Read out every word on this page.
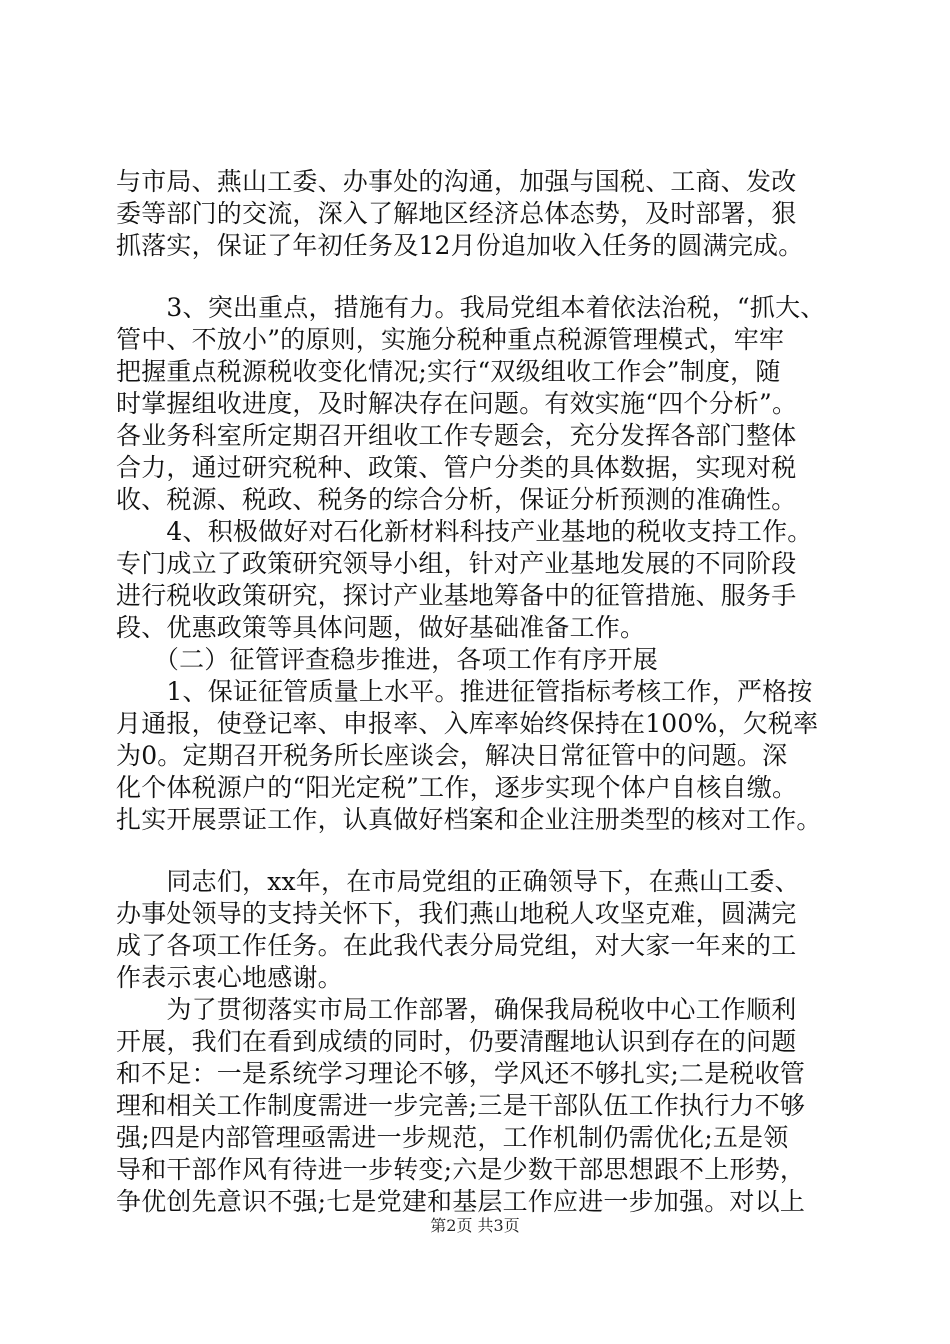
与市局、燕山工委、办事处的沟通，加强与国税、工商、发改
委等部门的交流，深入了解地区经济总体态势，及时部署，狠
抓落实，保证了年初任务及12月份追加收入任务的圆满完成。
　　3、突出重点，措施有力。我局党组本着依法治税，“抓大、
管中、不放小”的原则，实施分税种重点税源管理模式，牢牢
把握重点税源税收变化情况;实行“双级组收工作会”制度，随
时掌握组收进度，及时解决存在问题。有效实施“四个分析”。
各业务科室所定期召开组收工作专题会，充分发挥各部门整体
合力，通过研究税种、政策、管户分类的具体数据，实现对税
收、税源、税政、税务的综合分析，保证分析预测的准确性。
　　4、积极做好对石化新材料科技产业基地的税收支持工作。
专门成立了政策研究领导小组，针对产业基地发展的不同阶段
进行税收政策研究，探讨产业基地筹备中的征管措施、服务手
段、优惠政策等具体问题，做好基础准备工作。
　　（二）征管评查稳步推进，各项工作有序开展
　　1、保证征管质量上水平。推进征管指标考核工作，严格按
月通报，使登记率、申报率、入库率始终保持在100%，欠税率
为0。定期召开税务所长座谈会，解决日常征管中的问题。深
化个体税源户的“阳光定税”工作，逐步实现个体户自核自缴。
扎实开展票证工作，认真做好档案和企业注册类型的核对工作。
　　同志们，xx年，在市局党组的正确领导下，在燕山工委、
办事处领导的支持关怀下，我们燕山地税人攻坚克难，圆满完
成了各项工作任务。在此我代表分局党组，对大家一年来的工
作表示衷心地感谢。
　　为了贯彻落实市局工作部署，确保我局税收中心工作顺利
开展，我们在看到成绩的同时，仍要清醒地认识到存在的问题
和不足：一是系统学习理论不够，学风还不够扎实;二是税收管
理和相关工作制度需进一步完善;三是干部队伍工作执行力不够
强;四是内部管理亟需进一步规范，工作机制仍需优化;五是领
导和干部作风有待进一步转变;六是少数干部思想跟不上形势，
争优创先意识不强;七是党建和基层工作应进一步加强。对以上
第2页 共3页
